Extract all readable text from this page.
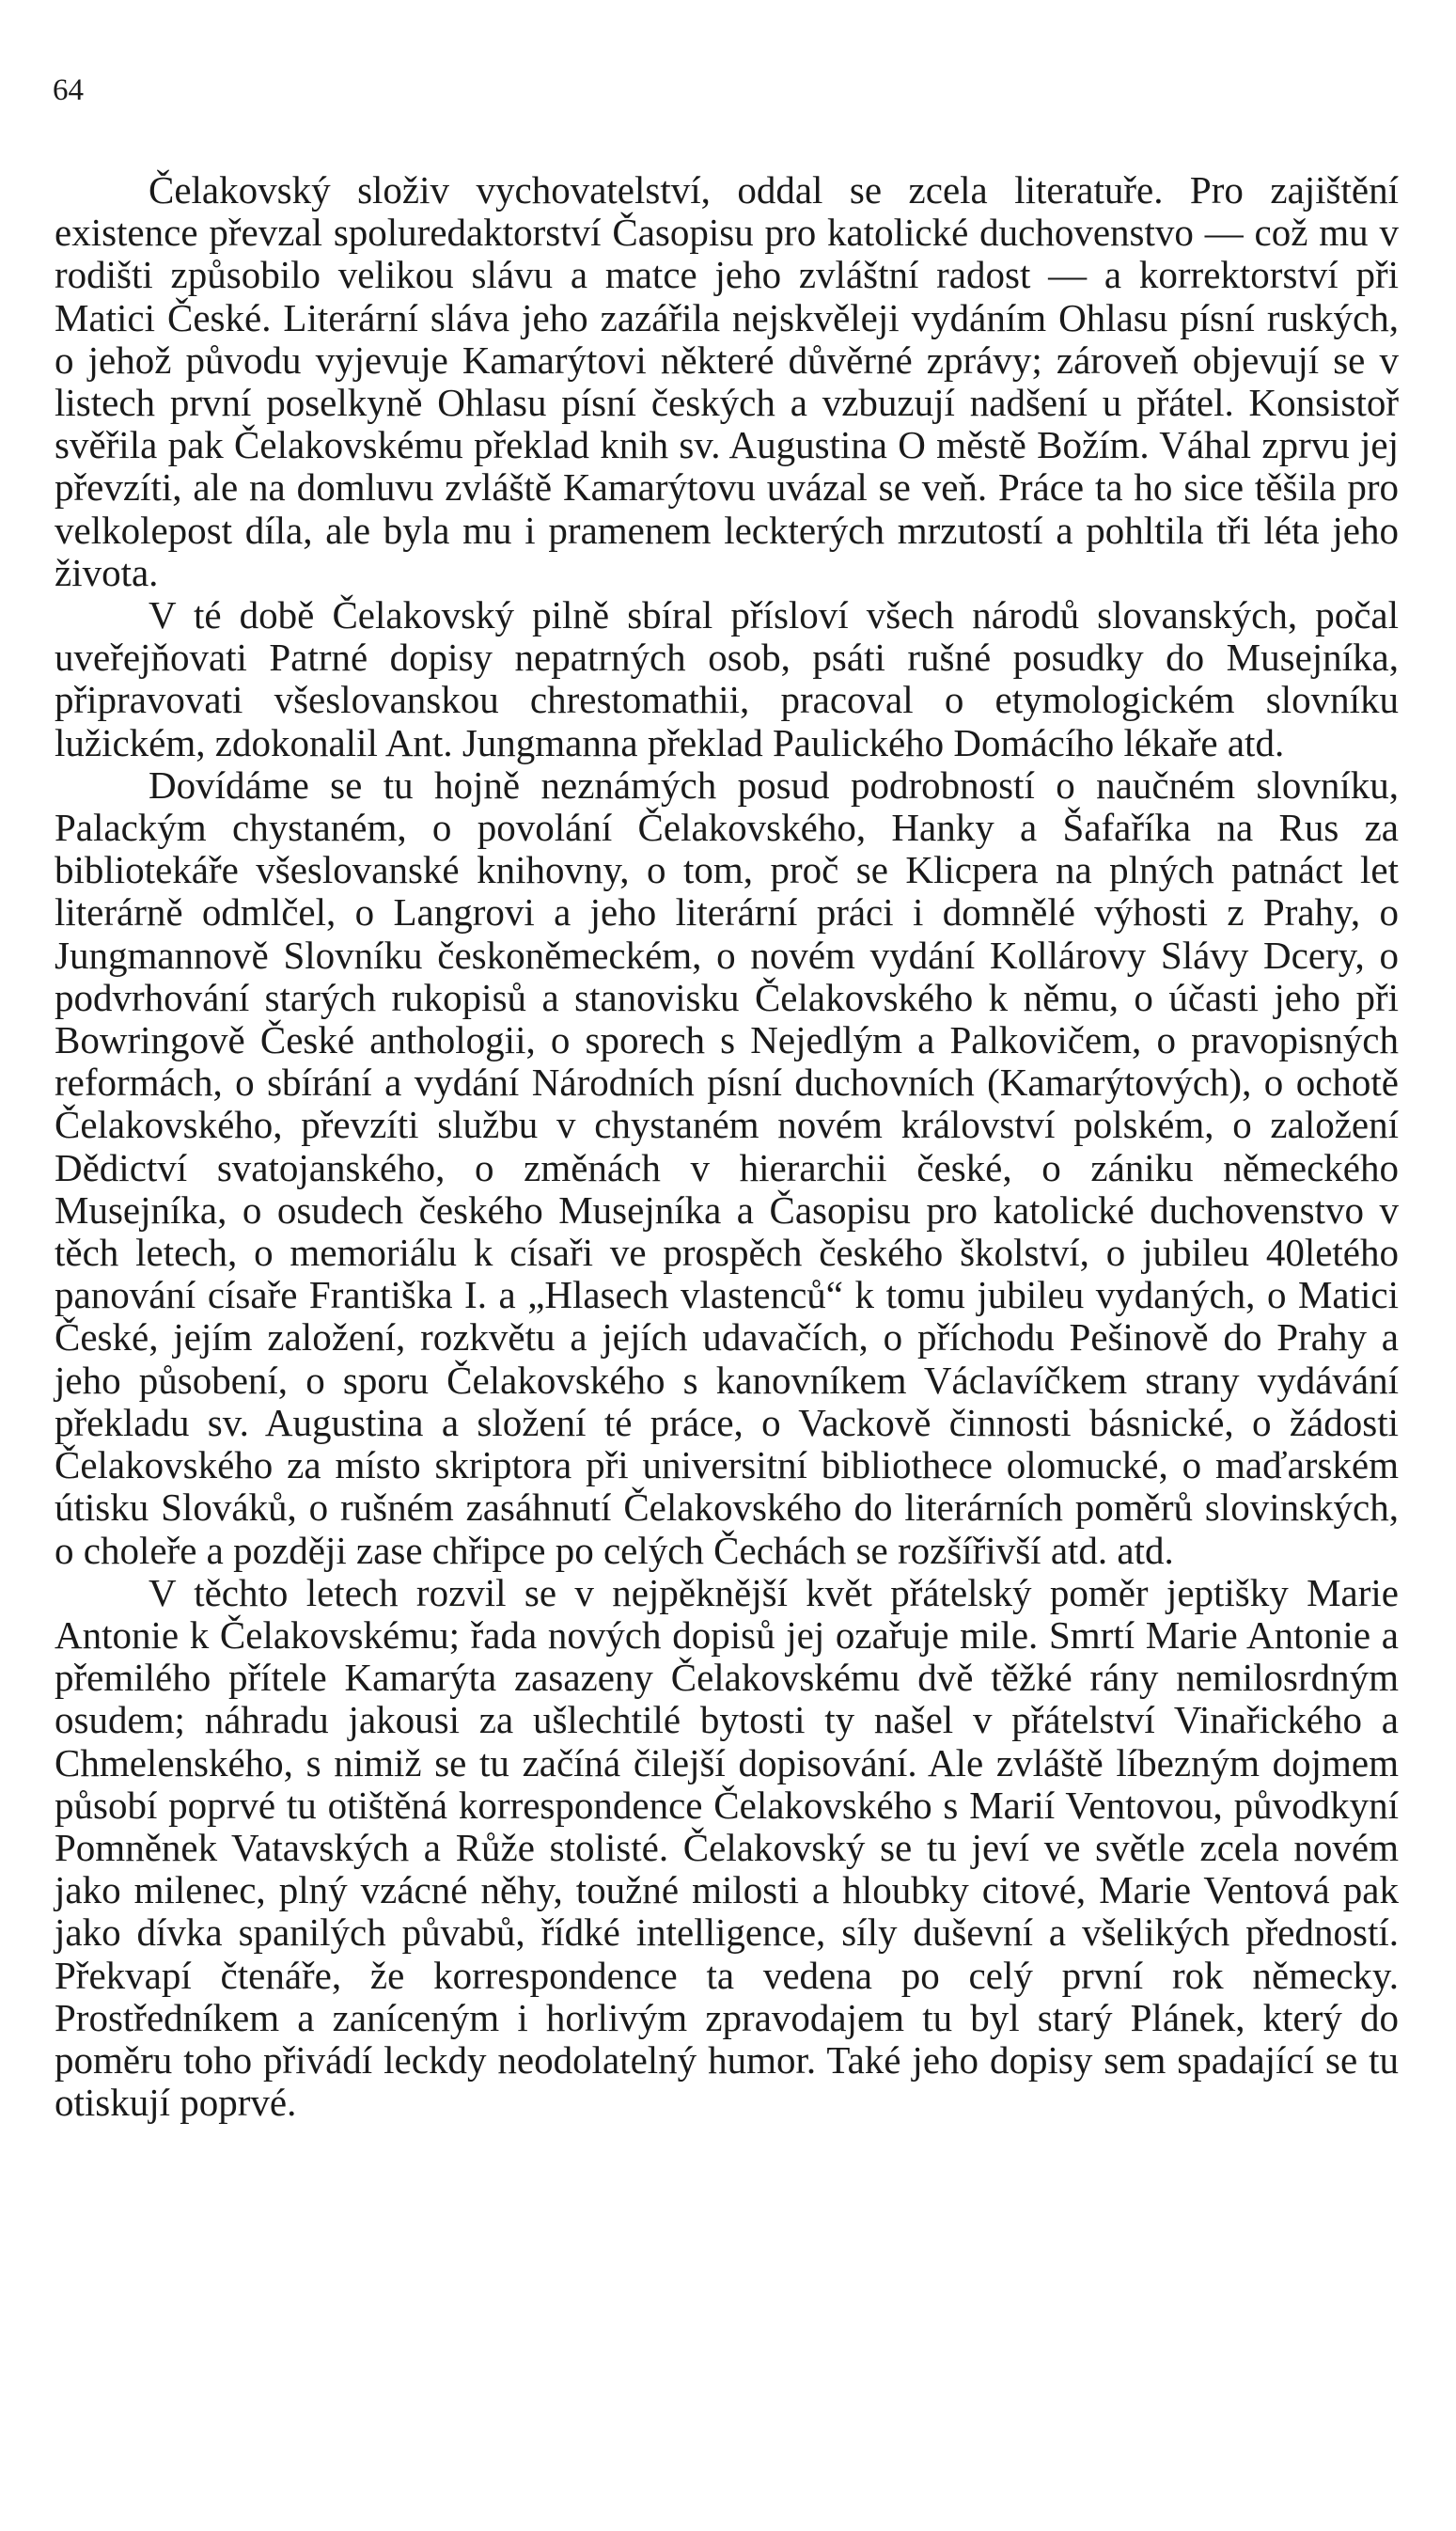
64

Čelakovský složiv vychovatelství, oddal se zcela literatuře. Pro zajištění existence převzal spoluredaktorství Časopisu pro katolické duchovenstvo — což mu v rodišti způsobilo velikou slávu a matce jeho zvláštní radost — a korrektorství při Matici České. Literární sláva jeho zazářila nejskvěleji vydáním Ohlasu písní ruských, o jehož původu vyjevuje Kamarýtovi některé důvěrné zprávy; zároveň objevují se v listech první poselkyně Ohlasu písní českých a vzbuzují nadšení u přátel. Konsistoř svěřila pak Čelakovskému překlad knih sv. Augustina O městě Božím. Váhal zprvu jej převzíti, ale na domluvu zvláště Kamarýtovu uvázal se veň. Práce ta ho sice těšila pro velkolepost díla, ale byla mu i pramenem leckterých mrzutostí a pohltila tři léta jeho života.

V té době Čelakovský pilně sbíral přísloví všech národů slovanských, počal uveřejňovati Patrné dopisy nepatrných osob, psáti rušné posudky do Musejníka, připravovati všeslovanskou chrestomathii, pracoval o etymologickém slovníku lužickém, zdokonalil Ant. Jungmanna překlad Paulického Domácího lékaře atd.

Dovídáme se tu hojně neznámých posud podrobností o naučném slovníku, Palackým chystaném, o povolání Čelakovského, Hanky a Šafaříka na Rus za bibliotekáře všeslovanské knihovny, o tom, proč se Klicpera na plných patnáct let literárně odmlčel, o Langrovi a jeho literární práci i domnělé výhosti z Prahy, o Jungmannově Slovníku českoněmeckém, o novém vydání Kollárovy Slávy Dcery, o podvrhování starých rukopisů a stanovisku Čelakovského k němu, o účasti jeho při Bowringově České anthologii, o sporech s Nejedlým a Palkovičem, o pravopisných reformách, o sbírání a vydání Národních písní duchovních (Kamarýtových), o ochotě Čelakovského, převzíti službu v chystaném novém království polském, o založení Dědictví svatojanského, o změnách v hierarchii české, o zániku německého Musejníka, o osudech českého Musejníka a Časopisu pro katolické duchovenstvo v těch letech, o memoriálu k císaři ve prospěch českého školství, o jubileu 40letého panování císaře Františka I. a „Hlasech vlastenců“ k tomu jubileu vydaných, o Matici České, jejím založení, rozkvětu a jejích udavačích, o příchodu Pešinově do Prahy a jeho působení, o sporu Čelakovského s kanovníkem Václavíčkem strany vydávání překladu sv. Augustina a složení té práce, o Vackově činnosti básnické, o žádosti Čelakovského za místo skriptora při universitní bibliothece olomucké, o maďarském útisku Slováků, o rušném zasáhnutí Čelakovského do literárních poměrů slovinských, o choleře a později zase chřipce po celých Čechách se rozšířivší atd. atd.

V těchto letech rozvil se v nejpěknější květ přátelský poměr jeptišky Marie Antonie k Čelakovskému; řada nových dopisů jej ozařuje mile. Smrtí Marie Antonie a přemilého přítele Kamarýta zasazeny Čelakovskému dvě těžké rány nemilosrdným osudem; náhradu jakousi za ušlechtilé bytosti ty našel v přátelství Vinařického a Chmelenského, s nimiž se tu začíná čilejší dopisování. Ale zvláště líbezným dojmem působí poprvé tu otištěná korrespondence Čelakovského s Marií Ventovou, původkyní Pomněnek Vatavských a Růže stolisté. Čelakovský se tu jeví ve světle zcela novém jako milenec, plný vzácné něhy, toužné milosti a hloubky citové, Marie Ventová pak jako dívka spanilých půvabů, řídké intelligence, síly duševní a všelikých předností. Překvapí čtenáře, že korrespondence ta vedena po celý první rok německy. Prostředníkem a zaníceným i horlivým zpravodajem tu byl starý Plánek, který do poměru toho přivádí leckdy neodolatelný humor. Také jeho dopisy sem spadající se tu otiskují poprvé.
